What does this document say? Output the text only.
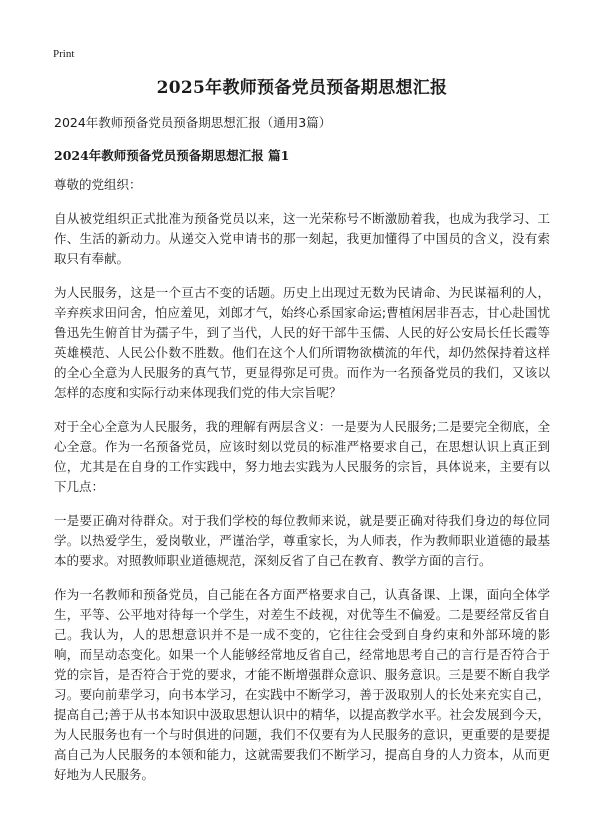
Print
2025年教师预备党员预备期思想汇报
2024年教师预备党员预备期思想汇报（通用3篇）
2024年教师预备党员预备期思想汇报 篇1

尊敬的党组织：

自从被党组织正式批准为预备党员以来，这一光荣称号不断激励着我，也成为我学习、工作、生活的新动力。从递交入党申请书的那一刻起，我更加懂得了中国员的含义，没有索取只有奉献。

为人民服务，这是一个亘古不变的话题。历史上出现过无数为民请命、为民谋福利的人，辛弃疾求田问舍，怕应羞见，刘郎才气，始终心系国家命运;曹植闲居非吾志，甘心赴国忧鲁迅先生俯首甘为孺子牛，到了当代，人民的好干部牛玉儒、人民的好公安局长任长霞等英雄模范、人民公仆数不胜数。他们在这个人们所谓物欲横流的年代，却仍然保持着这样的全心全意为人民服务的真气节，更显得弥足可贵。而作为一名预备党员的我们，又该以怎样的态度和实际行动来体现我们党的伟大宗旨呢？

对于全心全意为人民服务，我的理解有两层含义：一是要为人民服务;二是要完全彻底，全心全意。作为一名预备党员，应该时刻以党员的标准严格要求自己，在思想认识上真正到位，尤其是在自身的工作实践中，努力地去实践为人民服务的宗旨，具体说来，主要有以下几点：

一是要正确对待群众。对于我们学校的每位教师来说，就是要正确对待我们身边的每位同学。以热爱学生，爱岗敬业，严谨治学，尊重家长，为人师表，作为教师职业道德的最基本的要求。对照教师职业道德规范，深刻反省了自己在教育、教学方面的言行。

作为一名教师和预备党员，自己能在各方面严格要求自己，认真备课、上课，面向全体学生，平等、公平地对待每一个学生，对差生不歧视，对优等生不偏爱。二是要经常反省自己。我认为，人的思想意识并不是一成不变的，它往往会受到自身约束和外部环境的影响，而呈动态变化。如果一个人能够经常地反省自己，经常地思考自己的言行是否符合于党的宗旨，是否符合于党的要求，才能不断增强群众意识、服务意识。三是要不断自我学习。要向前辈学习，向书本学习，在实践中不断学习，善于汲取别人的长处来充实自己，提高自己;善于从书本知识中汲取思想认识中的精华，以提高教学水平。社会发展到今天，为人民服务也有一个与时俱进的问题，我们不仅要有为人民服务的意识，更重要的是要提高自己为人民服务的本领和能力，这就需要我们不断学习，提高自身的人力资本，从而更好地为人民服务。
